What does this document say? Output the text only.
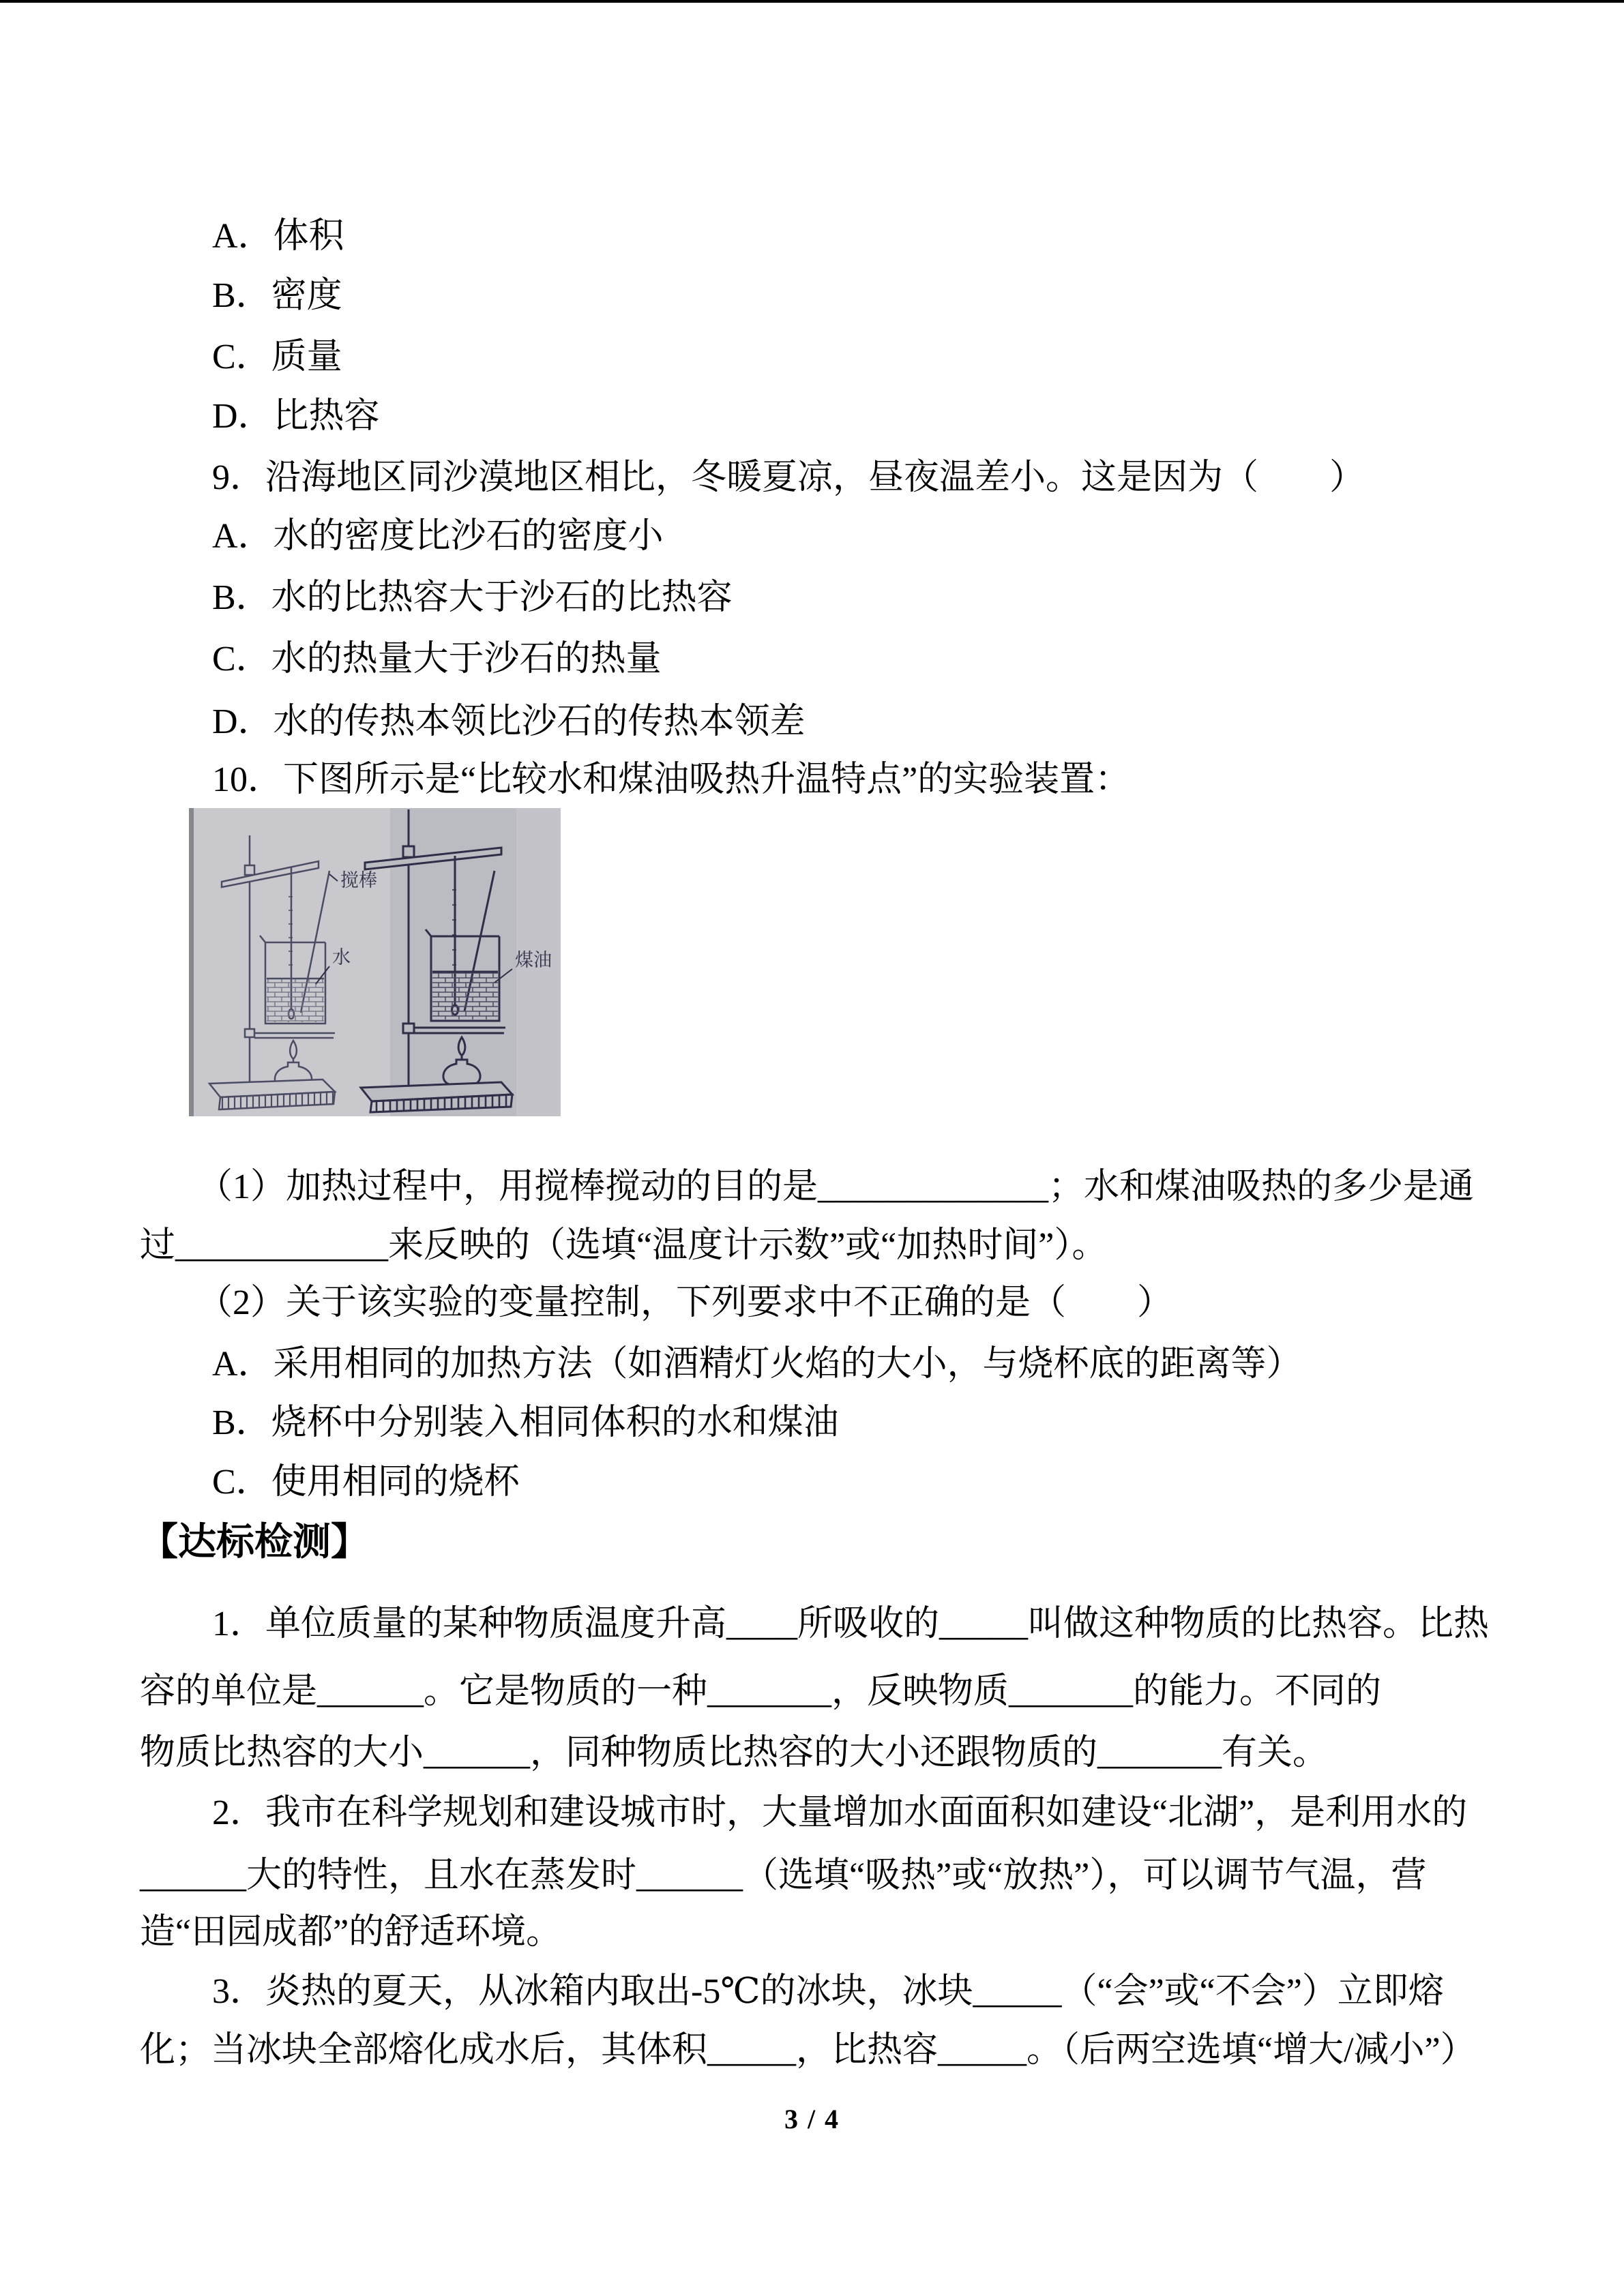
A．体积
B．密度
C．质量
D．比热容
9．沿海地区同沙漠地区相比，冬暖夏凉，昼夜温差小。这是因为（　　）
A．水的密度比沙石的密度小
B．水的比热容大于沙石的比热容
C．水的热量大于沙石的热量
D．水的传热本领比沙石的传热本领差
10．下图所示是“比较水和煤油吸热升温特点”的实验装置：
搅棒
水	煤油
（1）加热过程中，用搅棒搅动的目的是_____________；水和煤油吸热的多少是通
过____________来反映的（选填“温度计示数”或“加热时间”）。
（2）关于该实验的变量控制，下列要求中不正确的是（　　）
A．采用相同的加热方法（如酒精灯火焰的大小，与烧杯底的距离等）
B．烧杯中分别装入相同体积的水和煤油
C．使用相同的烧杯
【达标检测】
1．单位质量的某种物质温度升高____所吸收的_____叫做这种物质的比热容。比热
容的单位是______。它是物质的一种_______，反映物质_______的能力。不同的
物质比热容的大小______，同种物质比热容的大小还跟物质的_______有关。
2．我市在科学规划和建设城市时，大量增加水面面积如建设“北湖”，是利用水的
______大的特性，且水在蒸发时______（选填“吸热”或“放热”），可以调节气温，营
造“田园成都”的舒适环境。
3．炎热的夏天，从冰箱内取出-5℃的冰块，冰块_____（“会”或“不会”）立即熔
化；当冰块全部熔化成水后，其体积_____，比热容_____。（后两空选填“增大/减小”）
3 / 4
